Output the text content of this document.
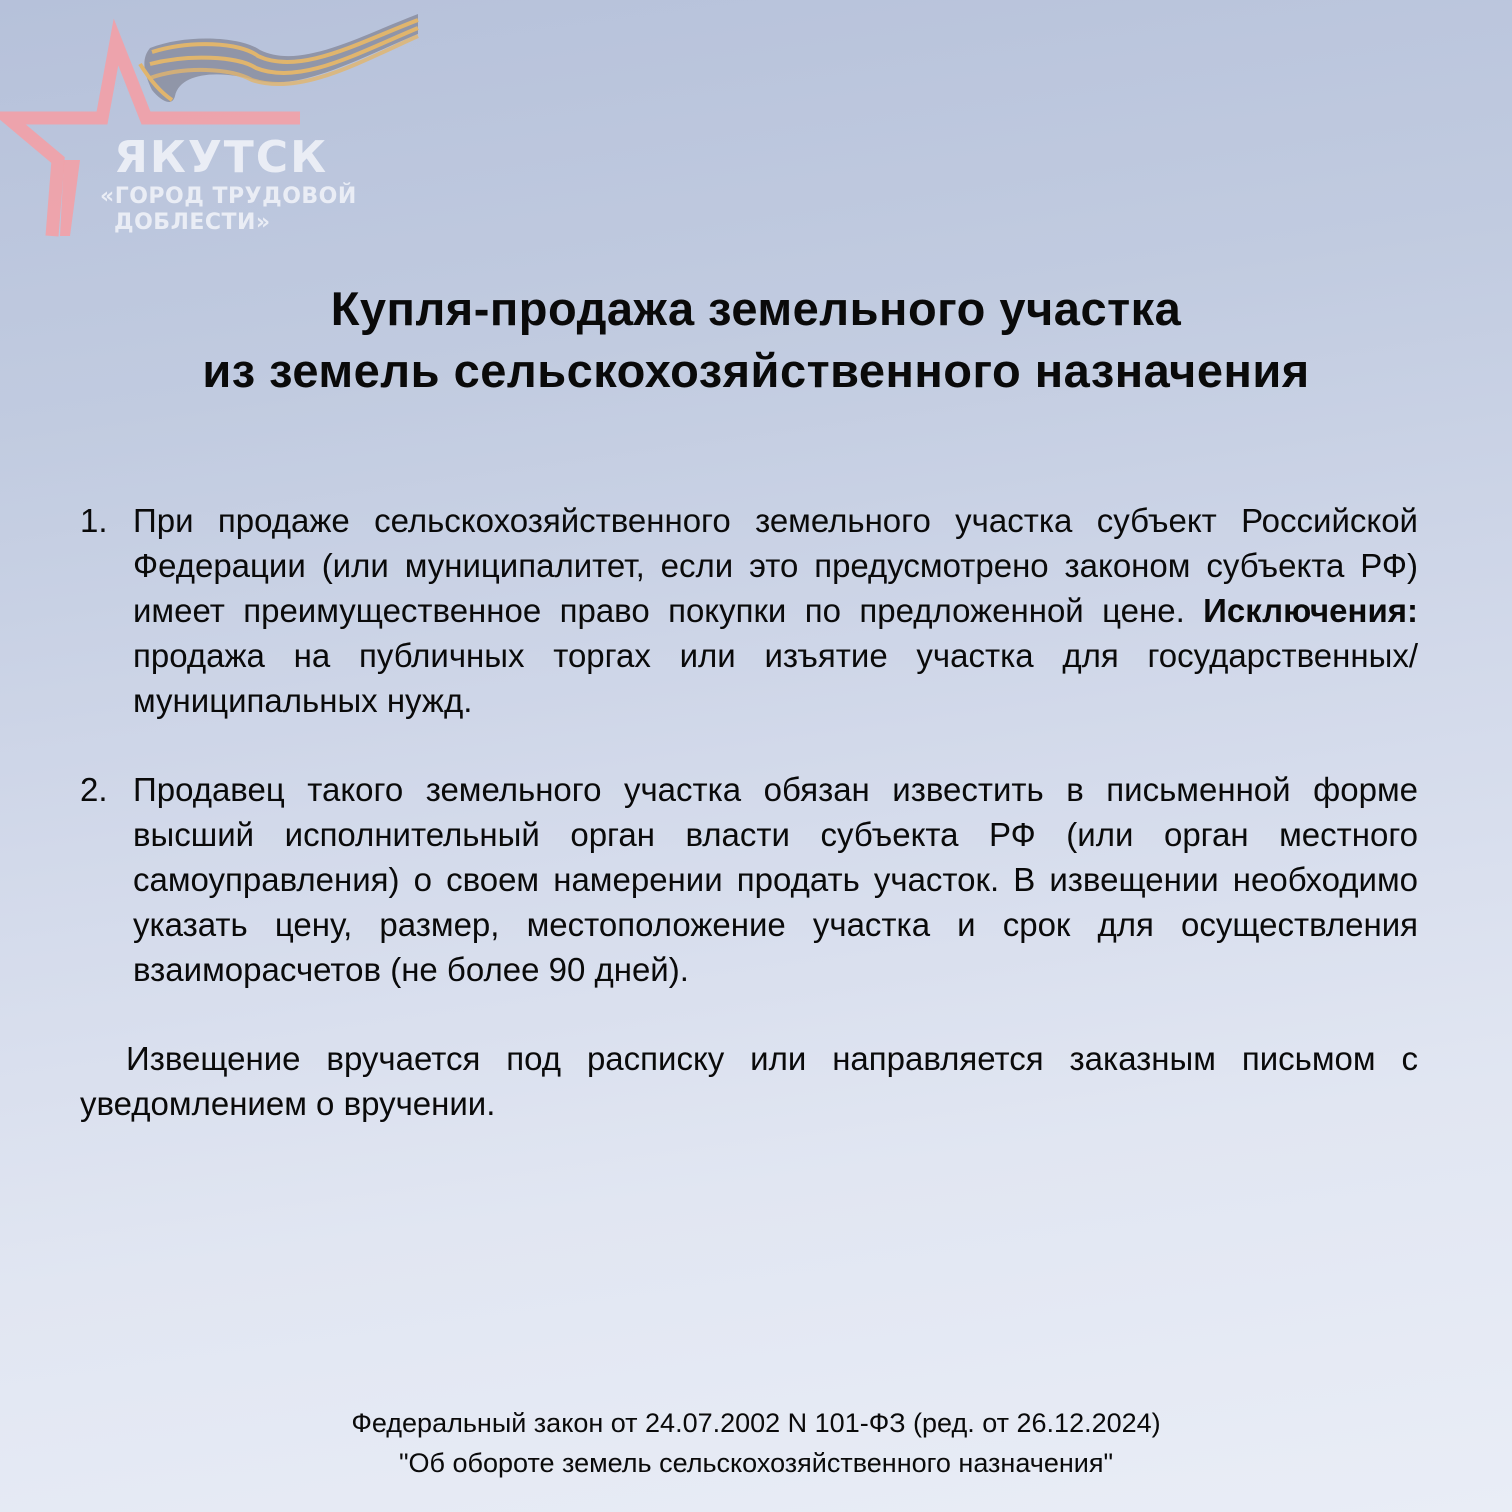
ЯКУТСК
«ГОРОД ТРУДОВОЙ
ДОБЛЕСТИ»
Купля-продажа земельного участка
из земель сельскохозяйственного назначения
1. При продаже сельскохозяйственного земельного участка субъект Российской Федерации (или муниципалитет, если это предусмотрено законом субъекта РФ) имеет преимущественное право покупки по предложенной цене. Исключения: продажа на публичных торгах или изъятие участка для государственных/муниципальных нужд.
2. Продавец такого земельного участка обязан известить в письменной форме высший исполнительный орган власти субъекта РФ (или орган местного самоуправления) о своем намерении продать участок. В извещении необходимо указать цену, размер, местоположение участка и срок для осуществления взаиморасчетов (не более 90 дней).
Извещение вручается под расписку или направляется заказным письмом с уведомлением о вручении.
Федеральный закон от 24.07.2002 N 101-ФЗ (ред. от 26.12.2024)
"Об обороте земель сельскохозяйственного назначения"
